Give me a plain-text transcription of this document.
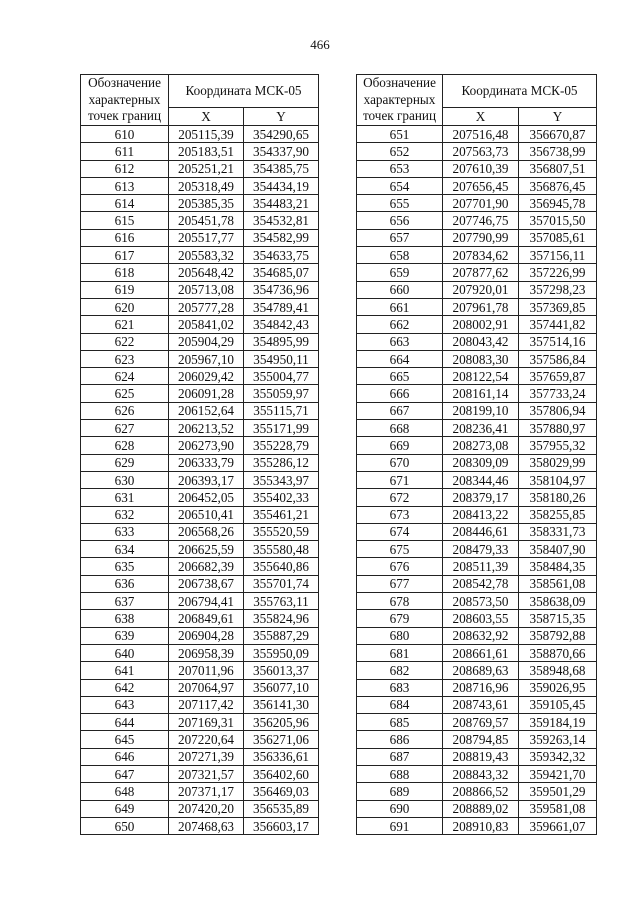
466
Обозначение характерных точек границ	Координата МСК-05	
	X	Y
610	205115,39	354290,65
611	205183,51	354337,90
612	205251,21	354385,75
613	205318,49	354434,19
614	205385,35	354483,21
615	205451,78	354532,81
616	205517,77	354582,99
617	205583,32	354633,75
618	205648,42	354685,07
619	205713,08	354736,96
620	205777,28	354789,41
621	205841,02	354842,43
622	205904,29	354895,99
623	205967,10	354950,11
624	206029,42	355004,77
625	206091,28	355059,97
626	206152,64	355115,71
627	206213,52	355171,99
628	206273,90	355228,79
629	206333,79	355286,12
630	206393,17	355343,97
631	206452,05	355402,33
632	206510,41	355461,21
633	206568,26	355520,59
634	206625,59	355580,48
635	206682,39	355640,86
636	206738,67	355701,74
637	206794,41	355763,11
638	206849,61	355824,96
639	206904,28	355887,29
640	206958,39	355950,09
641	207011,96	356013,37
642	207064,97	356077,10
643	207117,42	356141,30
644	207169,31	356205,96
645	207220,64	356271,06
646	207271,39	356336,61
647	207321,57	356402,60
648	207371,17	356469,03
649	207420,20	356535,89
650	207468,63	356603,17
Обозначение характерных точек границ	Координата МСК-05	
	X	Y
651	207516,48	356670,87
652	207563,73	356738,99
653	207610,39	356807,51
654	207656,45	356876,45
655	207701,90	356945,78
656	207746,75	357015,50
657	207790,99	357085,61
658	207834,62	357156,11
659	207877,62	357226,99
660	207920,01	357298,23
661	207961,78	357369,85
662	208002,91	357441,82
663	208043,42	357514,16
664	208083,30	357586,84
665	208122,54	357659,87
666	208161,14	357733,24
667	208199,10	357806,94
668	208236,41	357880,97
669	208273,08	357955,32
670	208309,09	358029,99
671	208344,46	358104,97
672	208379,17	358180,26
673	208413,22	358255,85
674	208446,61	358331,73
675	208479,33	358407,90
676	208511,39	358484,35
677	208542,78	358561,08
678	208573,50	358638,09
679	208603,55	358715,35
680	208632,92	358792,88
681	208661,61	358870,66
682	208689,63	358948,68
683	208716,96	359026,95
684	208743,61	359105,45
685	208769,57	359184,19
686	208794,85	359263,14
687	208819,43	359342,32
688	208843,32	359421,70
689	208866,52	359501,29
690	208889,02	359581,08
691	208910,83	359661,07
